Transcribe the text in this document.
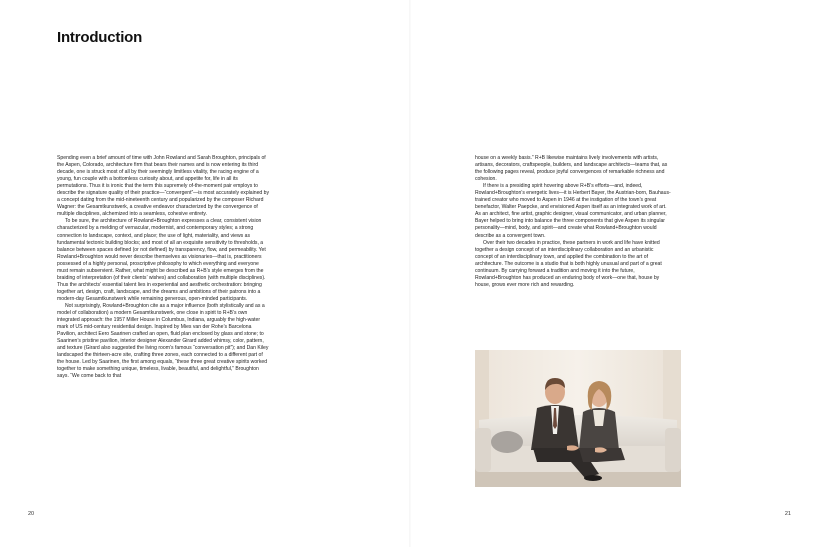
Introduction

Spending even a brief amount of time with John Rowland and Sarah Broughton, principals of the Aspen, Colorado, architecture firm that bears their names and is now entering its third decade, one is struck most of all by their seemingly limitless vitality, the racing engine of a young, fun couple with a bottomless curiosity about, and appetite for, life in all its permutations. Thus it is ironic that the term this supremely of-the-moment pair employs to describe the signature quality of their practice—“convergent”—is most accurately explained by a concept dating from the mid-nineteenth century and popularized by the composer Richard Wagner: the Gesamtkunstwerk, a creative endeavor characterized by the convergence of multiple disciplines, alchemized into a seamless, cohesive entirety.

To be sure, the architecture of Rowland+Broughton expresses a clear, consistent vision characterized by a melding of vernacular, modernist, and contemporary styles; a strong connection to landscape, context, and place; the use of light, materiality, and views as fundamental tectonic building blocks; and most of all an exquisite sensitivity to thresholds, a balance between spaces defined (or not defined) by transparency, flow, and permeability. Yet Rowland+Broughton would never describe themselves as visionaries—that is, practitioners possessed of a highly personal, proscriptive philosophy to which everything and everyone must remain subservient. Rather, what might be described as R+B’s style emerges from the braiding of interpretation (of their clients’ wishes) and collaboration (with multiple disciplines). Thus the architects’ essential talent lies in experiential and aesthetic orchestration: bringing together art, design, craft, landscape, and the dreams and ambitions of their patrons into a modern-day Gesamtkunstwerk while remaining generous, open-minded participants.

Not surprisingly, Rowland+Broughton cite as a major influence (both stylistically and as a model of collaboration) a modern Gesamtkunstwerk, one close in spirit to R+B’s own integrated approach: the 1957 Miller House in Columbus, Indiana, arguably the high-water mark of US mid-century residential design. Inspired by Mies van der Rohe’s Barcelona Pavilion, architect Eero Saarinen crafted an open, fluid plan enclosed by glass and stone; to Saarinen’s pristine pavilion, interior designer Alexander Girard added whimsy, color, pattern, and texture (Girard also suggested the living room’s famous “conversation pit”); and Dan Kiley landscaped the thirteen-acre site, crafting three zones, each connected to a different part of the house. Led by Saarinen, the first among equals, “these three great creative spirits worked together to make something unique, timeless, livable, beautiful, and delightful,” Broughton says. “We come back to that

20

house on a weekly basis.” R+B likewise maintains lively involvements with artists, artisans, decorators, craftspeople, builders, and landscape architects—teams that, as the following pages reveal, produce joyful convergences of remarkable richness and cohesion.

If there is a presiding spirit hovering above R+B’s efforts—and, indeed, Rowland+Broughton’s energetic lives—it is Herbert Bayer, the Austrian-born, Bauhaus-trained creator who moved to Aspen in 1946 at the instigation of the town’s great benefactor, Walter Paepcke, and envisioned Aspen itself as an integrated work of art. As an architect, fine artist, graphic designer, visual communicator, and urban planner, Bayer helped to bring into balance the three components that give Aspen its singular personality—mind, body, and spirit—and create what Rowland+Broughton would describe as a convergent town.

Over their two decades in practice, these partners in work and life have knitted together a design concept of an interdisciplinary collaboration and an urbanistic concept of an interdisciplinary town, and applied the combination to the art of architecture. The outcome is a studio that is both highly unusual and part of a great continuum. By carrying forward a tradition and moving it into the future, Rowland+Broughton has produced an enduring body of work—one that, house by house, grows ever more rich and rewarding.

21
